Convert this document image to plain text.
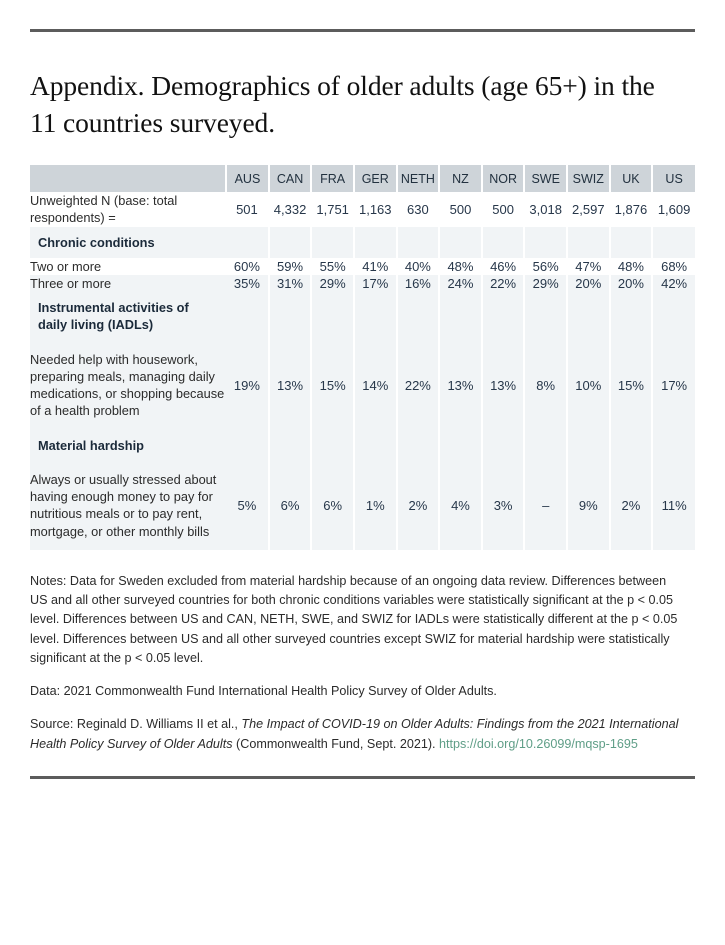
Appendix. Demographics of older adults (age 65+) in the 11 countries surveyed.
	AUS	CAN	FRA	GER	NETH	NZ	NOR	SWE	SWIZ	UK	US
Unweighted N (base: total respondents) =	501	4,332	1,751	1,163	630	500	500	3,018	2,597	1,876	1,609
Chronic conditions											
Two or more	60%	59%	55%	41%	40%	48%	46%	56%	47%	48%	68%
Three or more	35%	31%	29%	17%	16%	24%	22%	29%	20%	20%	42%
Instrumental activities of daily living (IADLs)											
Needed help with housework, preparing meals, managing daily medications, or shopping because of a health problem	19%	13%	15%	14%	22%	13%	13%	8%	10%	15%	17%
Material hardship											
Always or usually stressed about having enough money to pay for nutritious meals or to pay rent, mortgage, or other monthly bills	5%	6%	6%	1%	2%	4%	3%	–	9%	2%	11%

Notes: Data for Sweden excluded from material hardship because of an ongoing data review. Differences between US and all other surveyed countries for both chronic conditions variables were statistically significant at the p < 0.05 level. Differences between US and CAN, NETH, SWE, and SWIZ for IADLs were statistically different at the p < 0.05 level. Differences between US and all other surveyed countries except SWIZ for material hardship were statistically significant at the p < 0.05 level.

Data: 2021 Commonwealth Fund International Health Policy Survey of Older Adults.

Source: Reginald D. Williams II et al., The Impact of COVID-19 on Older Adults: Findings from the 2021 International Health Policy Survey of Older Adults (Commonwealth Fund, Sept. 2021). https://doi.org/10.26099/mqsp-1695
